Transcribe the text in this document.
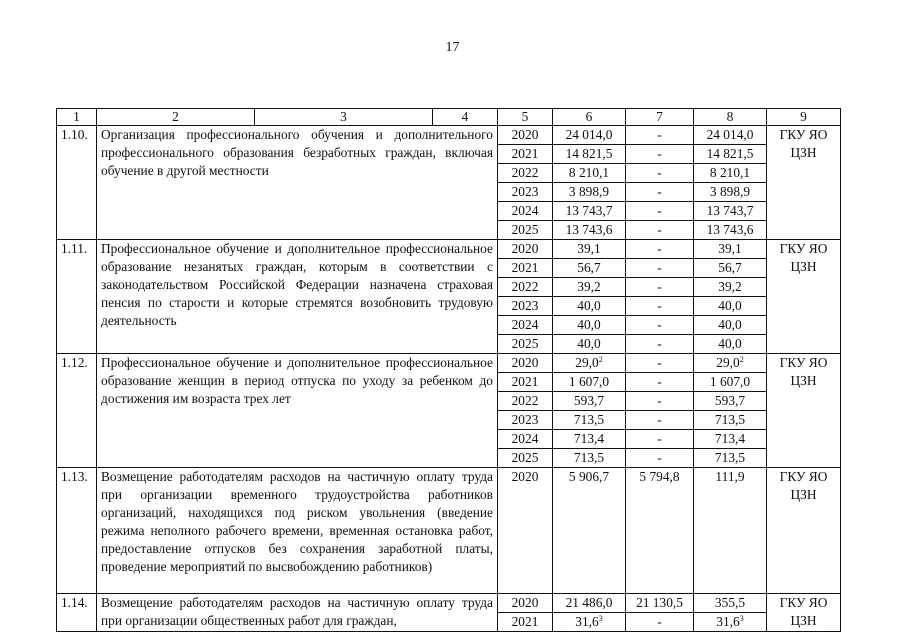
17
1	2	3	4	5	6	7	8	9
1.10.	Организация профессионального обучения и дополнительного профессионального образования безработных граждан, включая обучение в другой местности			2020	24 014,0	-	24 014,0	ГКУ ЯО
ЦЗН
				2021	14 821,5	-	14 821,5	
				2022	8 210,1	-	8 210,1	
				2023	3 898,9	-	3 898,9	
				2024	13 743,7	-	13 743,7	
				2025	13 743,6	-	13 743,6	
1.11.	Профессиональное обучение и дополнительное профессиональное образование незанятых граждан, которым в соответствии с законодательством Российской Федерации назначена страховая пенсия по старости и которые стремятся возобновить трудовую деятельность			2020	39,1	-	39,1	ГКУ ЯО
ЦЗН
				2021	56,7	-	56,7	
				2022	39,2	-	39,2	
				2023	40,0	-	40,0	
				2024	40,0	-	40,0	
				2025	40,0	-	40,0	
1.12.	Профессиональное обучение и дополнительное профессиональное образование женщин в период отпуска по уходу за ребенком до достижения им возраста трех лет			2020	29,0$^2$	-	29,0$^2$	ГКУ ЯО
ЦЗН
				2021	1 607,0	-	1 607,0	
				2022	593,7	-	593,7	
				2023	713,5	-	713,5	
				2024	713,4	-	713,4	
				2025	713,5	-	713,5	
1.13.	Возмещение работодателям расходов на частичную оплату труда при организации временного трудоустройства работников организаций, находящихся под риском увольнения (введение режима неполного рабочего времени, временная остановка работ, предоставление отпусков без сохранения заработной платы, проведение мероприятий по высвобождению работников)			2020	5 906,7	5 794,8	111,9	ГКУ ЯО
ЦЗН
1.14.	Возмещение работодателям расходов на частичную оплату труда при организации общественных работ для граждан,			2020	21 486,0	21 130,5	355,5	ГКУ ЯО
ЦЗН
				2021	31,6$^3$	-	31,6$^3$
